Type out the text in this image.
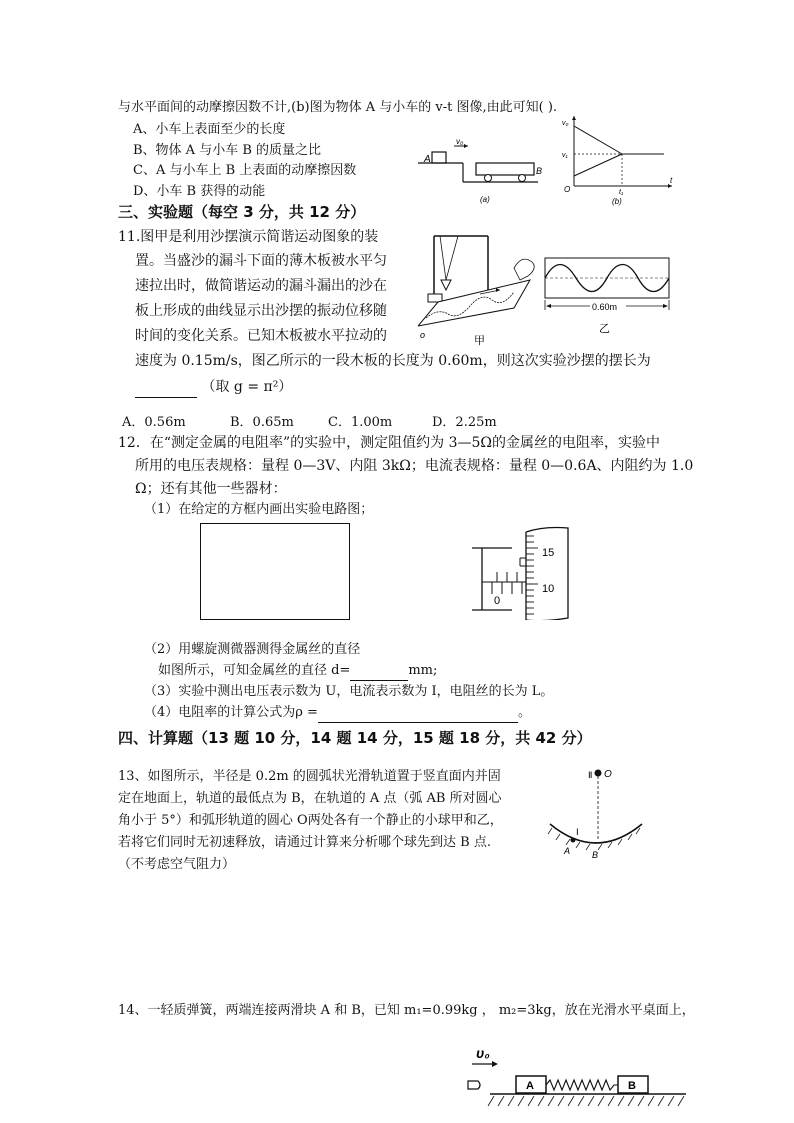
与水平面间的动摩擦因数不计,(b)图为物体 A 与小车的 v-t 图像,由此可知( ).
A、小车上表面至少的长度
B、物体 A 与小车 B 的质量之比
C、A 与小车上 B 上表面的动摩擦因数
D、小车 B 获得的动能
A
v₀
B
(a)
v₀
v₁
O	t₁
t
(b)
三、实验题（每空 3 分，共 12 分）
11.图甲是利用沙摆演示简谐运动图象的装
置。当盛沙的漏斗下面的薄木板被水平匀
速拉出时，做简谐运动的漏斗漏出的沙在
板上形成的曲线显示出沙摆的振动位移随
时间的变化关系。已知木板被水平拉动的
速度为 0.15m/s，图乙所示的一段木板的长度为 0.60m，则这次实验沙摆的摆长为
（取 g = π²）
A．0.56m	B．0.65m	C．1.00m	D．2.25m
o	甲
0.60m
乙
12．在“测定金属的电阻率”的实验中，测定阻值约为 3—5Ω的金属丝的电阻率，实验中
所用的电压表规格：量程 0—3V、内阻 3kΩ；电流表规格：量程 0—0.6A、内阻约为 1.0
Ω；还有其他一些器材：
（1）在给定的方框内画出实验电路图；
15
10
0
（2）用螺旋测微器测得金属丝的直径
如图所示，可知金属丝的直径 d=	mm;
（3）实验中测出电压表示数为 U，电流表示数为 I，电阻丝的长为 L。
（4）电阻率的计算公式为ρ =	。
四、计算题（13 题 10 分，14 题 14 分，15 题 18 分，共 42 分）
13、如图所示，半径是 0.2m 的圆弧状光滑轨道置于竖直面内并固
定在地面上，轨道的最低点为 B，在轨道的 A 点（弧 AB 所对圆心
角小于 5°）和弧形轨道的圆心 O两处各有一个静止的小球甲和乙，
若将它们同时无初速释放，请通过计算来分析哪个球先到达 B 点.
（不考虑空气阻力）
Ⅱ O
Ⅰ
A B
14、一轻质弹簧，两端连接两滑块 A 和 B，已知 m₁=0.99kg ， m₂=3kg，放在光滑水平桌面上，
υ₀
A	B
